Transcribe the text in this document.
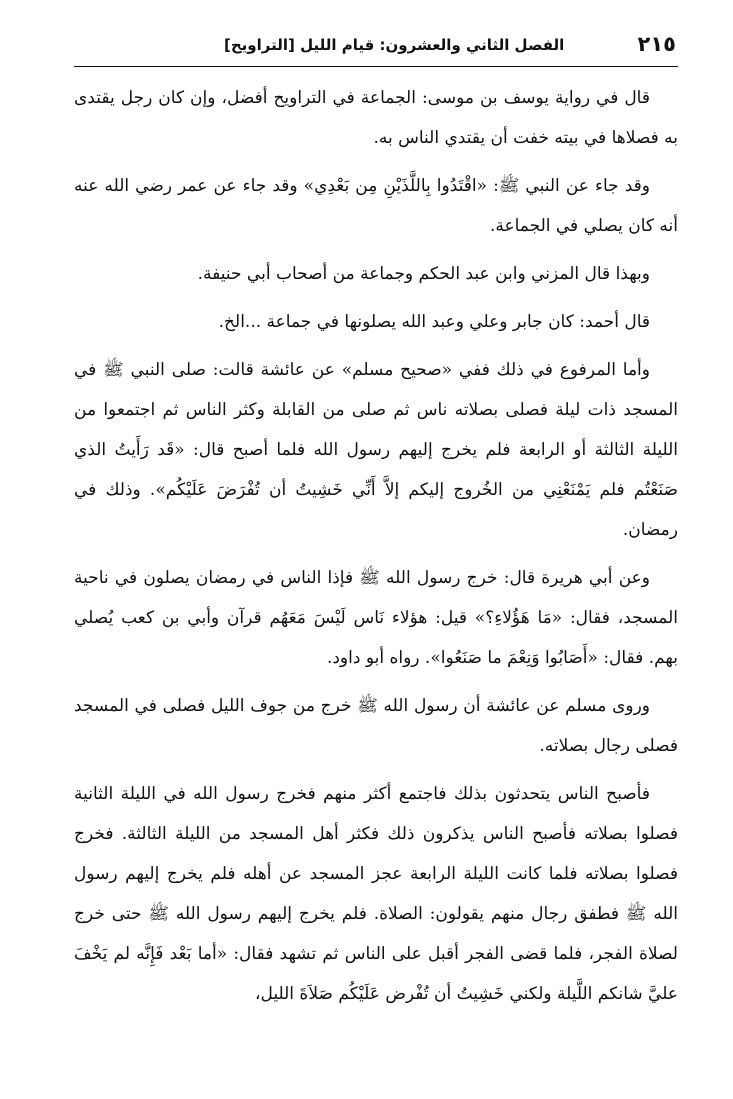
٢١٥
الفصل الثاني والعشرون: قيام الليل [التراويح]

قال في رواية يوسف بن موسى: الجماعة في التراويح أفضل، وإن كان رجل يقتدى به فصلاها في بيته خفت أن يقتدي الناس به.

وقد جاء عن النبي ﷺ: «اقْتَدُوا بِاللَّذَيْنِ مِن بَعْدِي» وقد جاء عن عمر رضي الله عنه أنه كان يصلي في الجماعة.

وبهذا قال المزني وابن عبد الحكم وجماعة من أصحاب أبي حنيفة.

قال أحمد: كان جابر وعلي وعبد الله يصلونها في جماعة ...الخ.

وأما المرفوع في ذلك ففي «صحيح مسلم» عن عائشة قالت: صلى النبي ﷺ في المسجد ذات ليلة فصلى بصلاته ناس ثم صلى من القابلة وكثر الناس ثم اجتمعوا من الليلة الثالثة أو الرابعة فلم يخرج إليهم رسول الله فلما أصبح قال: «قَد رَأَيتُ الذي صَنَعْتُم فلم يَمْنَعْنِي من الخُروج إليكم إلاَّ أَنِّي خَشِيتُ أن تُفْرَضَ عَلَيْكُم». وذلك في رمضان.

وعن أبي هريرة قال: خرج رسول الله ﷺ فإذا الناس في رمضان يصلون في ناحية المسجد، فقال: «مَا هَؤُلاءِ؟» قيل: هؤلاء نَاس لَيْسَ مَعَهُم قرآن وأبي بن كعب يُصلي بهم. فقال: «أَصَابُوا وَنِعْمَ ما صَنَعُوا». رواه أبو داود.

وروى مسلم عن عائشة أن رسول الله ﷺ خرج من جوف الليل فصلى في المسجد فصلى رجال بصلاته.

فأصبح الناس يتحدثون بذلك فاجتمع أكثر منهم فخرج رسول الله في الليلة الثانية فصلوا بصلاته فأصبح الناس يذكرون ذلك فكثر أهل المسجد من الليلة الثالثة. فخرج فصلوا بصلاته فلما كانت الليلة الرابعة عجز المسجد عن أهله فلم يخرج إليهم رسول الله ﷺ فطفق رجال منهم يقولون: الصلاة. فلم يخرج إليهم رسول الله ﷺ حتى خرج لصلاة الفجر، فلما قضى الفجر أقبل على الناس ثم تشهد فقال: «أما بَعْد فَإِنَّه لم يَخْفَ عليَّ شانكم اللَّيلة ولكني خَشِيتُ أن تُفْرض عَلَيْكُم صَلاَةَ الليل،
